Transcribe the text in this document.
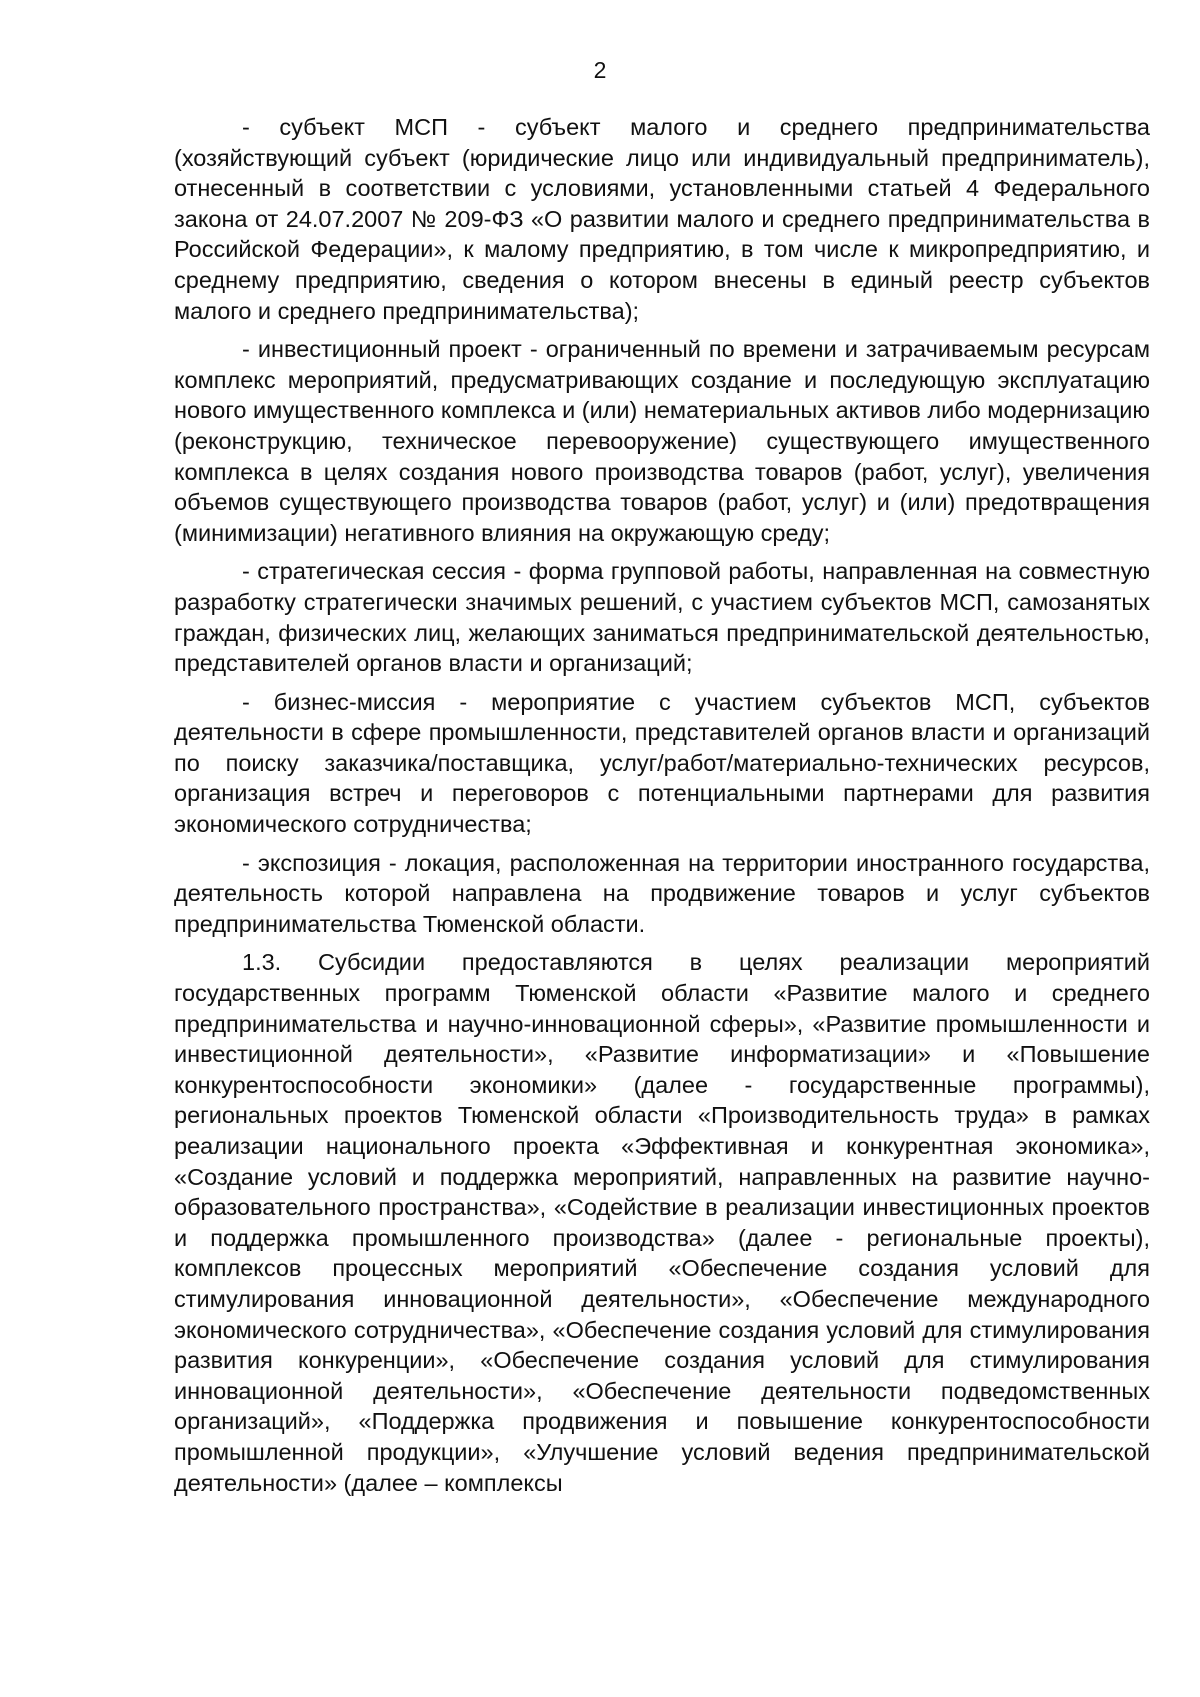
2

- субъект МСП - субъект малого и среднего предпринимательства (хозяйствующий субъект (юридические лицо или индивидуальный предприниматель), отнесенный в соответствии с условиями, установленными статьей 4 Федерального закона от 24.07.2007 № 209-ФЗ «О развитии малого и среднего предпринимательства в Российской Федерации», к малому предприятию, в том числе к микропредприятию, и среднему предприятию, сведения о котором внесены в единый реестр субъектов малого и среднего предпринимательства);

- инвестиционный проект - ограниченный по времени и затрачиваемым ресурсам комплекс мероприятий, предусматривающих создание и последующую эксплуатацию нового имущественного комплекса и (или) нематериальных активов либо модернизацию (реконструкцию, техническое перевооружение) существующего имущественного комплекса в целях создания нового производства товаров (работ, услуг), увеличения объемов существующего производства товаров (работ, услуг) и (или) предотвращения (минимизации) негативного влияния на окружающую среду;

- стратегическая сессия - форма групповой работы, направленная на совместную разработку стратегически значимых решений, с участием субъектов МСП, самозанятых граждан, физических лиц, желающих заниматься предпринимательской деятельностью, представителей органов власти и организаций;

- бизнес-миссия - мероприятие с участием субъектов МСП, субъектов деятельности в сфере промышленности, представителей органов власти и организаций по поиску заказчика/поставщика, услуг/работ/материально-технических ресурсов, организация встреч и переговоров с потенциальными партнерами для развития экономического сотрудничества;

- экспозиция - локация, расположенная на территории иностранного государства, деятельность которой направлена на продвижение товаров и услуг субъектов предпринимательства Тюменской области.

1.3. Субсидии предоставляются в целях реализации мероприятий государственных программ Тюменской области «Развитие малого и среднего предпринимательства и научно-инновационной сферы», «Развитие промышленности и инвестиционной деятельности», «Развитие информатизации» и «Повышение конкурентоспособности экономики» (далее - государственные программы), региональных проектов Тюменской области «Производительность труда» в рамках реализации национального проекта «Эффективная и конкурентная экономика», «Создание условий и поддержка мероприятий, направленных на развитие научно-образовательного пространства», «Содействие в реализации инвестиционных проектов и поддержка промышленного производства» (далее - региональные проекты), комплексов процессных мероприятий «Обеспечение создания условий для стимулирования инновационной деятельности», «Обеспечение международного экономического сотрудничества», «Обеспечение создания условий для стимулирования развития конкуренции», «Обеспечение создания условий для стимулирования инновационной деятельности», «Обеспечение деятельности подведомственных организаций», «Поддержка продвижения и повышение конкурентоспособности промышленной продукции», «Улучшение условий ведения предпринимательской деятельности» (далее – комплексы
